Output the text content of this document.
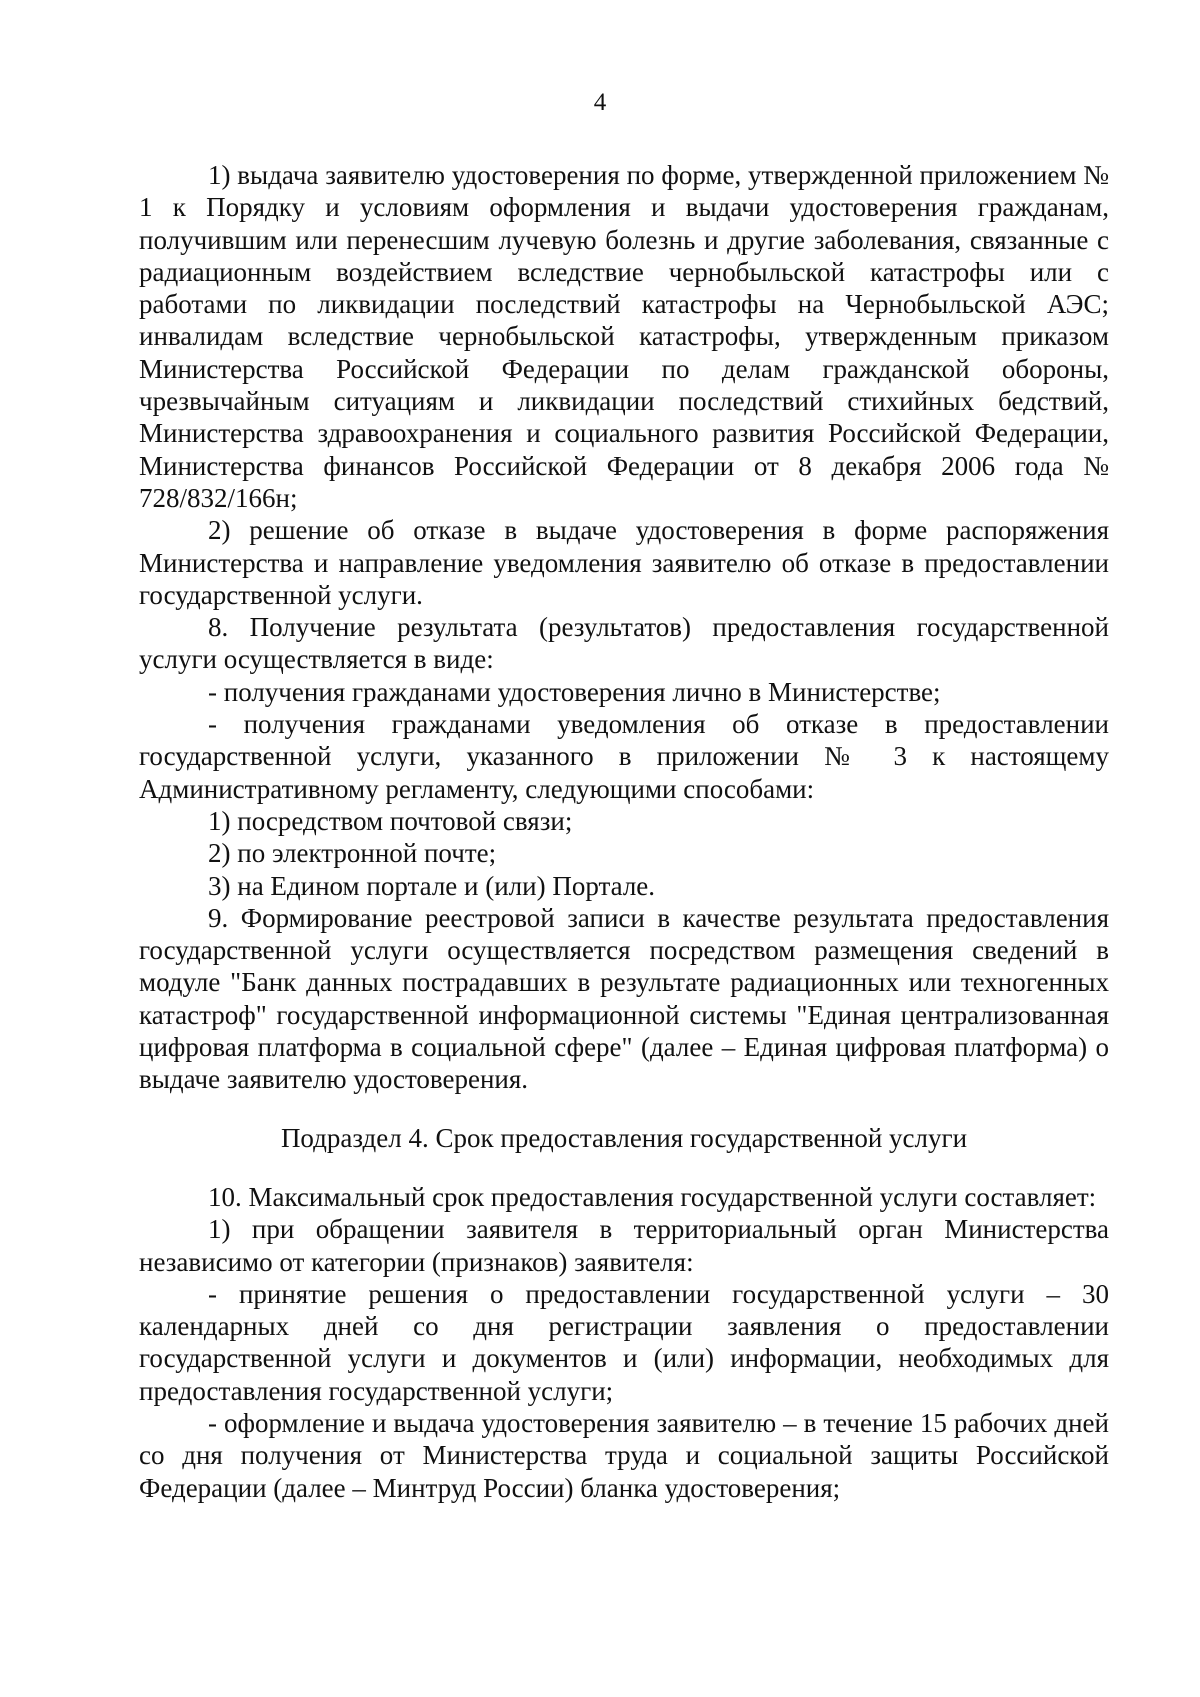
4

1) выдача заявителю удостоверения по форме, утвержденной приложением № 1 к Порядку и условиям оформления и выдачи удостоверения гражданам, получившим или перенесшим лучевую болезнь и другие заболевания, связанные с радиационным воздействием вследствие чернобыльской катастрофы или с работами по ликвидации последствий катастрофы на Чернобыльской АЭС; инвалидам вследствие чернобыльской катастрофы, утвержденным приказом Министерства Российской Федерации по делам гражданской обороны, чрезвычайным ситуациям и ликвидации последствий стихийных бедствий, Министерства здравоохранения и социального развития Российской Федерации, Министерства финансов Российской Федерации от 8 декабря 2006 года № 728/832/166н;

2) решение об отказе в выдаче удостоверения в форме распоряжения Министерства и направление уведомления заявителю об отказе в предоставлении государственной услуги.

8. Получение результата (результатов) предоставления государственной услуги осуществляется в виде:

- получения гражданами удостоверения лично в Министерстве;

- получения гражданами уведомления об отказе в предоставлении государственной услуги, указанного в приложении № 3 к настоящему Административному регламенту, следующими способами:

1) посредством почтовой связи;

2) по электронной почте;

3) на Едином портале и (или) Портале.

9. Формирование реестровой записи в качестве результата предоставления государственной услуги осуществляется посредством размещения сведений в модуле "Банк данных пострадавших в результате радиационных или техногенных катастроф" государственной информационной системы "Единая централизованная цифровая платформа в социальной сфере" (далее – Единая цифровая платформа) о выдаче заявителю удостоверения.

Подраздел 4. Срок предоставления государственной услуги

10. Максимальный срок предоставления государственной услуги составляет:

1) при обращении заявителя в территориальный орган Министерства независимо от категории (признаков) заявителя:

- принятие решения о предоставлении государственной услуги – 30 календарных дней со дня регистрации заявления о предоставлении государственной услуги и документов и (или) информации, необходимых для предоставления государственной услуги;

- оформление и выдача удостоверения заявителю – в течение 15 рабочих дней со дня получения от Министерства труда и социальной защиты Российской Федерации (далее – Минтруд России) бланка удостоверения;
